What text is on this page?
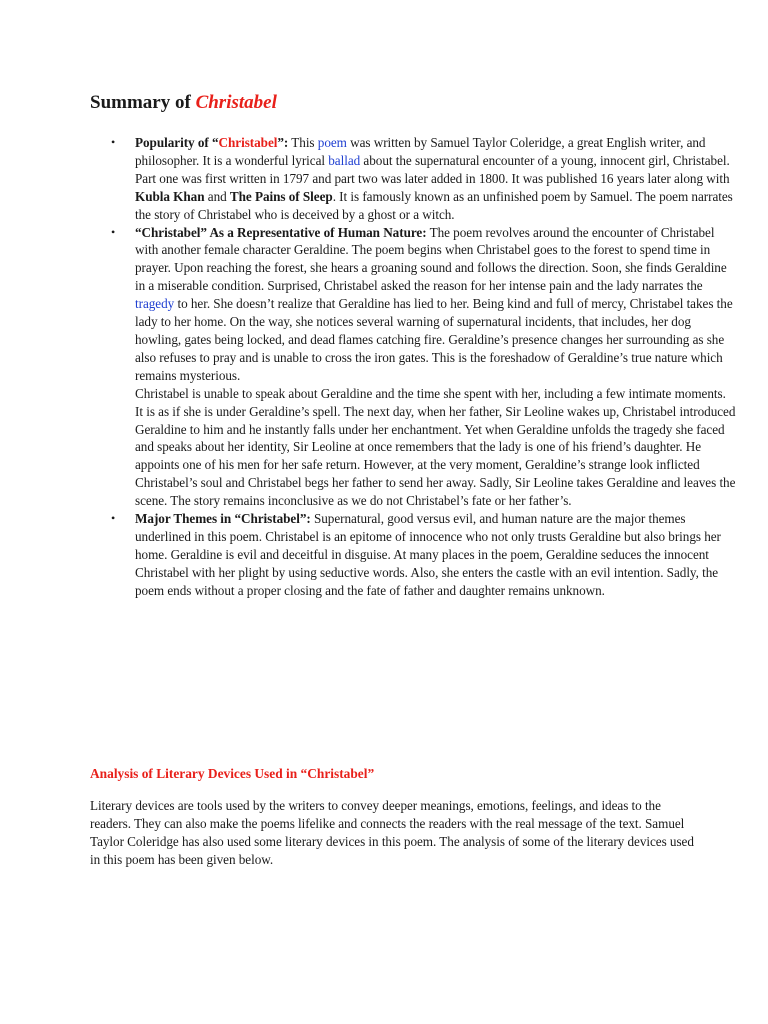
Summary of Christabel
• Popularity of “Christabel”: This poem was written by Samuel Taylor Coleridge, a great English writer, and philosopher. It is a wonderful lyrical ballad about the supernatural encounter of a young, innocent girl, Christabel. Part one was first written in 1797 and part two was later added in 1800. It was published 16 years later along with Kubla Khan and The Pains of Sleep. It is famously known as an unfinished poem by Samuel. The poem narrates the story of Christabel who is deceived by a ghost or a witch.
• “Christabel” As a Representative of Human Nature: The poem revolves around the encounter of Christabel with another female character Geraldine. The poem begins when Christabel goes to the forest to spend time in prayer. Upon reaching the forest, she hears a groaning sound and follows the direction. Soon, she finds Geraldine in a miserable condition. Surprised, Christabel asked the reason for her intense pain and the lady narrates the tragedy to her. She doesn’t realize that Geraldine has lied to her. Being kind and full of mercy, Christabel takes the lady to her home. On the way, she notices several warning of supernatural incidents, that includes, her dog howling, gates being locked, and dead flames catching fire. Geraldine’s presence changes her surrounding as she also refuses to pray and is unable to cross the iron gates. This is the foreshadow of Geraldine’s true nature which remains mysterious.
Christabel is unable to speak about Geraldine and the time she spent with her, including a few intimate moments. It is as if she is under Geraldine’s spell. The next day, when her father, Sir Leoline wakes up, Christabel introduced Geraldine to him and he instantly falls under her enchantment. Yet when Geraldine unfolds the tragedy she faced and speaks about her identity, Sir Leoline at once remembers that the lady is one of his friend’s daughter. He appoints one of his men for her safe return. However, at the very moment, Geraldine’s strange look inflicted Christabel’s soul and Christabel begs her father to send her away. Sadly, Sir Leoline takes Geraldine and leaves the scene. The story remains inconclusive as we do not Christabel’s fate or her father’s.
• Major Themes in “Christabel”: Supernatural, good versus evil, and human nature are the major themes underlined in this poem. Christabel is an epitome of innocence who not only trusts Geraldine but also brings her home. Geraldine is evil and deceitful in disguise. At many places in the poem, Geraldine seduces the innocent Christabel with her plight by using seductive words. Also, she enters the castle with an evil intention. Sadly, the poem ends without a proper closing and the fate of father and daughter remains unknown.
Analysis of Literary Devices Used in “Christabel”

Literary devices are tools used by the writers to convey deeper meanings, emotions, feelings, and ideas to the readers. They can also make the poems lifelike and connects the readers with the real message of the text. Samuel Taylor Coleridge has also used some literary devices in this poem. The analysis of some of the literary devices used in this poem has been given below.
